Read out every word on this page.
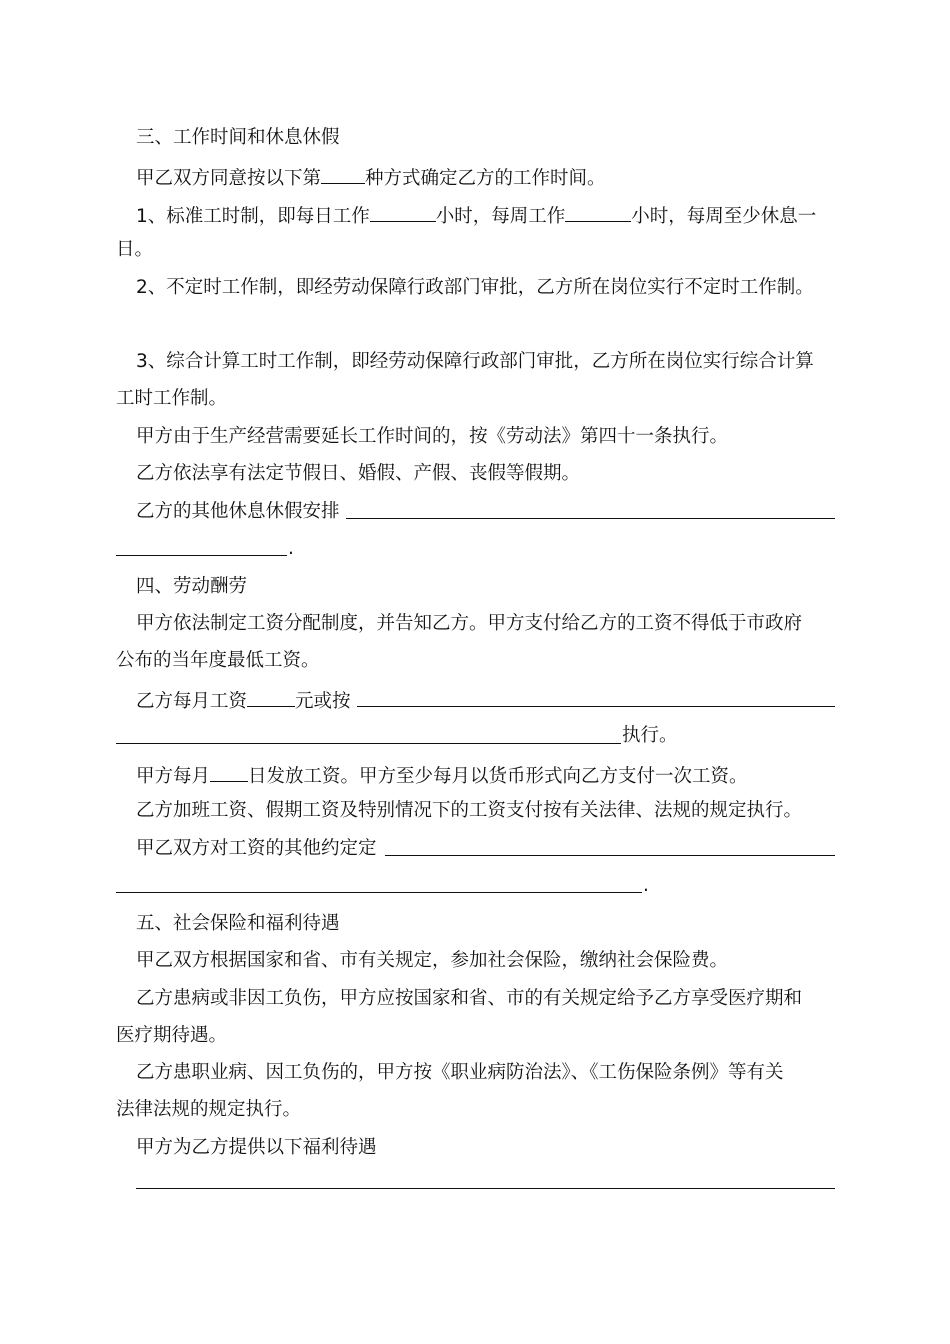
三、工作时间和休息休假
甲乙双方同意按以下第 种方式确定乙方的工作时间。
1、标准工时制，即每日工作	小时，每周工作	小时，每周至少休息一
日。
2、不定时工作制，即经劳动保障行政部门审批，乙方所在岗位实行不定时工作制。
3、综合计算工时工作制，即经劳动保障行政部门审批，乙方所在岗位实行综合计算
工时工作制。
甲方由于生产经营需要延长工作时间的，按《劳动法》第四十一条执行。
乙方依法享有法定节假日、婚假、产假、丧假等假期。
乙方的其他休息休假安排
.
四、劳动酬劳
甲方依法制定工资分配制度，并告知乙方。甲方支付给乙方的工资不得低于市政府
公布的当年度最低工资。
乙方每月工资	元或按
执行。
甲方每月 日发放工资。甲方至少每月以货币形式向乙方支付一次工资。
乙方加班工资、假期工资及特别情况下的工资支付按有关法律、法规的规定执行。
甲乙双方对工资的其他约定定
.
五、社会保险和福利待遇
甲乙双方根据国家和省、市有关规定，参加社会保险，缴纳社会保险费。
乙方患病或非因工负伤，甲方应按国家和省、市的有关规定给予乙方享受医疗期和
医疗期待遇。
乙方患职业病、因工负伤的，甲方按《职业病防治法》、《工伤保险条例》等有关
法律法规的规定执行。
甲方为乙方提供以下福利待遇
